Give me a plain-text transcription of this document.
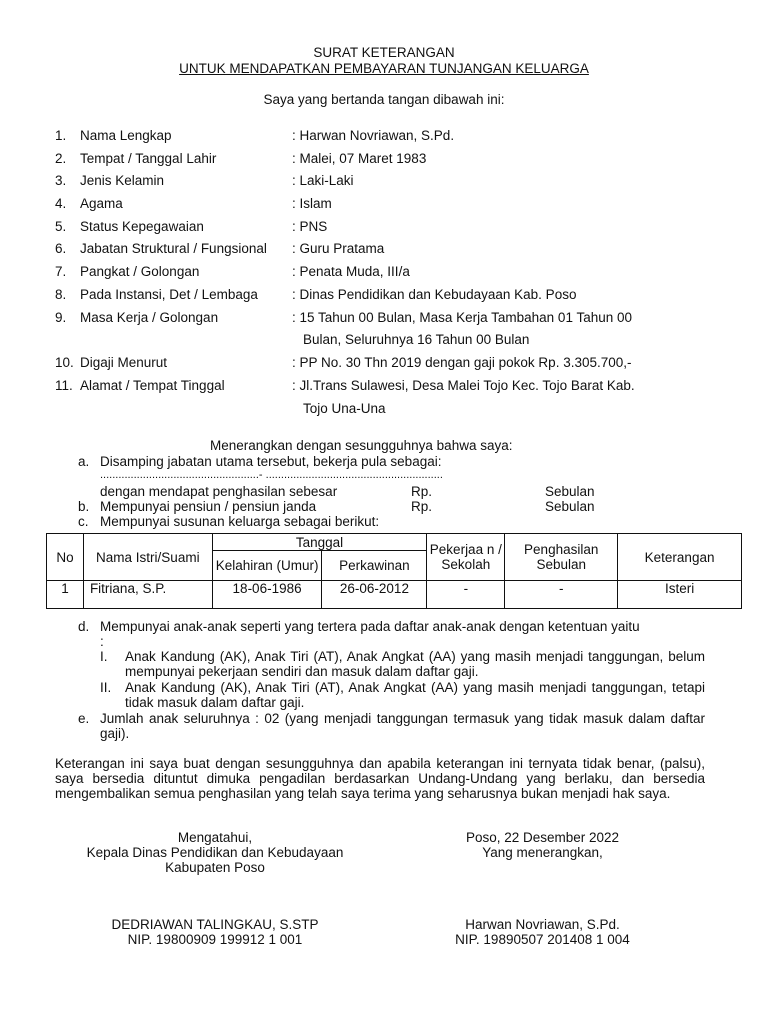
SURAT KETERANGAN
UNTUK MENDAPATKAN PEMBAYARAN TUNJANGAN KELUARGA
Saya yang bertanda tangan dibawah ini:
1. Nama Lengkap	: Harwan Novriawan, S.Pd.
2. Tempat / Tanggal Lahir	: Malei, 07 Maret 1983
3. Jenis Kelamin	: Laki-Laki
4. Agama	: Islam
5. Status Kepegawaian	: PNS
6. Jabatan Struktural / Fungsional : Guru Pratama
7. Pangkat / Golongan	: Penata Muda, III/a
8. Pada Instansi, Det / Lembaga	: Dinas Pendidikan dan Kebudayaan Kab. Poso
9. Masa Kerja / Golongan	: 15 Tahun 00 Bulan, Masa Kerja Tambahan 01 Tahun 00
Bulan, Seluruhnya 16 Tahun 00 Bulan
10. Digaji Menurut	: PP No. 30 Thn 2019 dengan gaji pokok Rp. 3.305.700,-
11. Alamat / Tempat Tinggal	: Jl.Trans Sulawesi, Desa Malei Tojo Kec. Tojo Barat Kab.
Tojo Una-Una
Menerangkan dengan sesungguhnya bahwa saya:
a. Disamping jabatan utama tersebut, bekerja pula sebagai:
....................................................- ..........................................................
dengan mendapat penghasilan sebesar	Rp.	Sebulan
b. Mempunyai pensiun / pensiun janda	Rp.	Sebulan
c. Mempunyai susunan keluarga sebagai berikut:
No	Nama Istri/Suami	Tanggal		Pekerjaa n / Sekolah	Penghasilan Sebulan	Keterangan
		Kelahiran (Umur)	Perkawinan			
1	Fitriana, S.P.	18-06-1986	26-06-2012	-	-	Isteri
d. Mempunyai anak-anak seperti yang tertera pada daftar anak-anak dengan ketentuan yaitu
:
I. Anak Kandung (AK), Anak Tiri (AT), Anak Angkat (AA) yang masih menjadi tanggungan, belum mempunyai pekerjaan sendiri dan masuk dalam daftar gaji.
II. Anak Kandung (AK), Anak Tiri (AT), Anak Angkat (AA) yang masih menjadi tanggungan, tetapi tidak masuk dalam daftar gaji.
e. Jumlah anak seluruhnya : 02 (yang menjadi tanggungan termasuk yang tidak masuk dalam daftar gaji).
Keterangan ini saya buat dengan sesungguhnya dan apabila keterangan ini ternyata tidak benar, (palsu), saya bersedia dituntut dimuka pengadilan berdasarkan Undang-Undang yang berlaku, dan bersedia mengembalikan semua penghasilan yang telah saya terima yang seharusnya bukan menjadi hak saya.
Mengatahui,
Kepala Dinas Pendidikan dan Kebudayaan
Kabupaten Poso
DEDRIAWAN TALINGKAU, S.STP
NIP. 19800909 199912 1 001
Poso, 22 Desember 2022
Yang menerangkan,
Harwan Novriawan, S.Pd.
NIP. 19890507 201408 1 004
